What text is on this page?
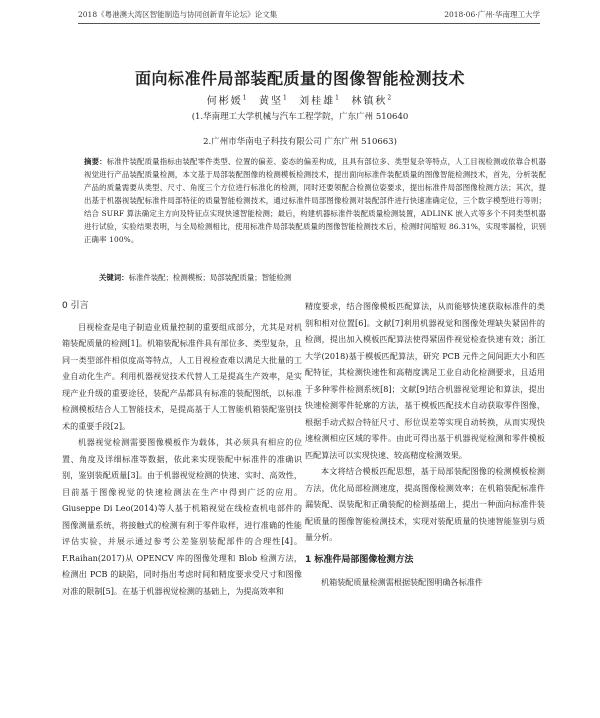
2018《粤港澳大湾区智能制造与协同创新青年论坛》论文集	2018·06·广州·华南理工大学
面向标准件局部装配质量的图像智能检测技术
何彬媛$^1$ 黄坚$^1$ 刘桂雄$^1$ 林镇秋$^2$
(1.华南理工大学机械与汽车工程学院，广东广州 510640
2.广州市华南电子科技有限公司 广东广州 510663)
摘要：标准件装配质量指标由装配零件类型、位置的偏差、姿态的偏差构成，且具有部位多、类型复杂等特点，人工目视检测或依靠合机器视觉进行产品装配质量检测，本文基于局部装配图像的检测模板检测技术，提出面向标准件装配质量的图像智能检测技术，首先，分析装配产品的质量需要从类型、尺寸、角度三个方位进行标准化的检测，同时还要领配合检测位姿要求，提出标准件局部图像检测方法；其次，提出基于机器视装配标准件局部特征的质量智能检测技术，通过标准件局部图像检测对装配部件进行快速准确定位，三个数字模型进行等则；结合 SURF 算法确定主方向及特征点实现快速智能检测；最后，构建机器标准件装配质量检测装置，ADLINK 嵌入式等多个不同类型机器进行试验，实验结果表明，与全局检测相比，使用标准件局部装配质量的图像智能检测技术后，检测时间缩短 86.31%，实现零漏检，识别正确率 100%。
关键词：标准件装配；检测模板；局部装配质量；智能检测
0 引言

目视检查是电子制造业质量控制的重要组成部分，尤其是对机箱装配质量的检测[1]。机箱装配标准件具有部位多、类型复杂，且同一类型部件相似度高等特点，人工目视检查难以满足大批量的工业自动化生产。利用机器视觉技术代替人工是提高生产效率，是实现产业升级的重要途径，装配产品都具有标准的装配图纸，以标准检测模板结合人工智能技术，是提高基于人工智能机箱装配鉴别技术的重要手段[2]。

机器视觉检测需要图像模板作为载体，其必须具有相应的位置、角度及详细标准等数据，依此来实现装配中标准件的准确识别，鉴别装配质量[3]。由于机器视觉检测的快速、实时、高效性，目前基于图像视觉的快速检测法在生产中得到广泛的应用。Giuseppe Di Leo(2014)等人基于机箱视觉在线检查机电部件的图像测量系统，将接触式的检测有利于零件取样，进行准确的性能评估实验，并展示通过参考公差鉴别装配部件的合理性[4]。F.Raihan(2017)从 OPENCV 库的图像处理和 Blob 检测方法，检测出 PCB 的缺陷，同时指出考虑时间和精度要求受尺寸和图像对准的限制[5]。在基于机器视觉检测的基础上，为提高效率和

精度要求，结合图像模板匹配算法，从而能够快速获取标准件的类别和相对位置[6]。文献[7]利用机器视觉和图像处理缺失紧固件的检测，提出加入模板匹配算法使得紧固件视觉检查快速有效；浙江大学(2018)基于模板匹配算法，研究 PCB 元件之间间距大小和匹配特征，其检测快速性和高精度满足工业自动化检测要求，且适用于多种零件检测系统[8]；文献[9]结合机器视觉理论和算法，提出快速检测零件轮廓的方法，基于模板匹配技术自动获取零件图像，根据手动式拟合特征尺寸、形位误差等实现自动转换，从而实现快速检测相应区域的零件。由此可得出基于机器视觉检测和零件模板匹配算法可以实现快速、较高精度检测效果。

本文将结合模板匹配思想，基于局部装配图像的检测模板检测方法，优化局部检测速度，提高图像检测效率；在机箱装配标准件漏装配、误装配和正确装配的检测基础上，提出一种面向标准件装配质量的图像智能检测技术，实现对装配质量的快速智能鉴别与质量分析。

1 标准件局部图像检测方法

机箱装配质量检测需根据装配图明确各标准件
